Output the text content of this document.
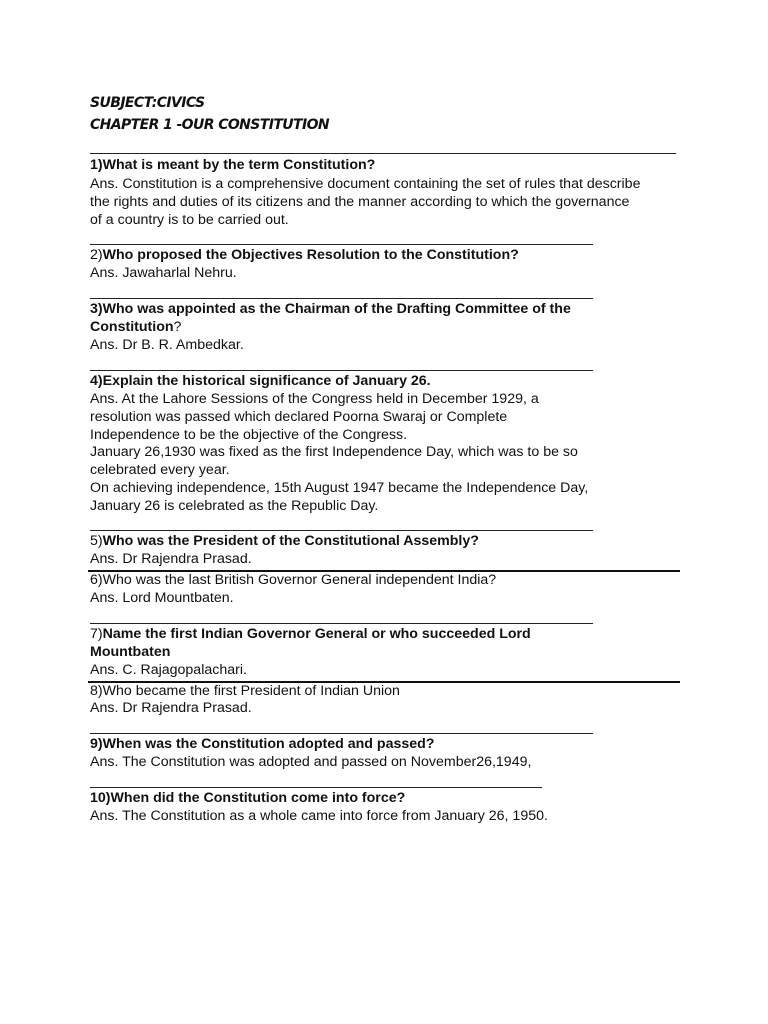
SUBJECT:CIVICS
CHAPTER 1 -OUR CONSTITUTION
1)What is meant by the term Constitution?
Ans. Constitution is a comprehensive document containing the set of rules that describe
the rights and duties of its citizens and the manner according to which the governance
of a country is to be carried out.
2)Who proposed the Objectives Resolution to the Constitution?
Ans. Jawaharlal Nehru.
3)Who was appointed as the Chairman of the Drafting Committee of the
Constitution?
Ans. Dr B. R. Ambedkar.
4)Explain the historical significance of January 26.
Ans. At the Lahore Sessions of the Congress held in December 1929, a
resolution was passed which declared Poorna Swaraj or Complete
Independence to be the objective of the Congress.
January 26,1930 was fixed as the first Independence Day, which was to be so
celebrated every year.
On achieving independence, 15th August 1947 became the Independence Day,
January 26 is celebrated as the Republic Day.
5)Who was the President of the Constitutional Assembly?
Ans. Dr Rajendra Prasad.
6)Who was the last British Governor General independent India?
Ans. Lord Mountbaten.
7)Name the first Indian Governor General or who succeeded Lord
Mountbaten
Ans. C. Rajagopalachari.
8)Who became the first President of Indian Union
Ans. Dr Rajendra Prasad.
9)When was the Constitution adopted and passed?
Ans. The Constitution was adopted and passed on November26,1949,
10)When did the Constitution come into force?
Ans. The Constitution as a whole came into force from January 26, 1950.
